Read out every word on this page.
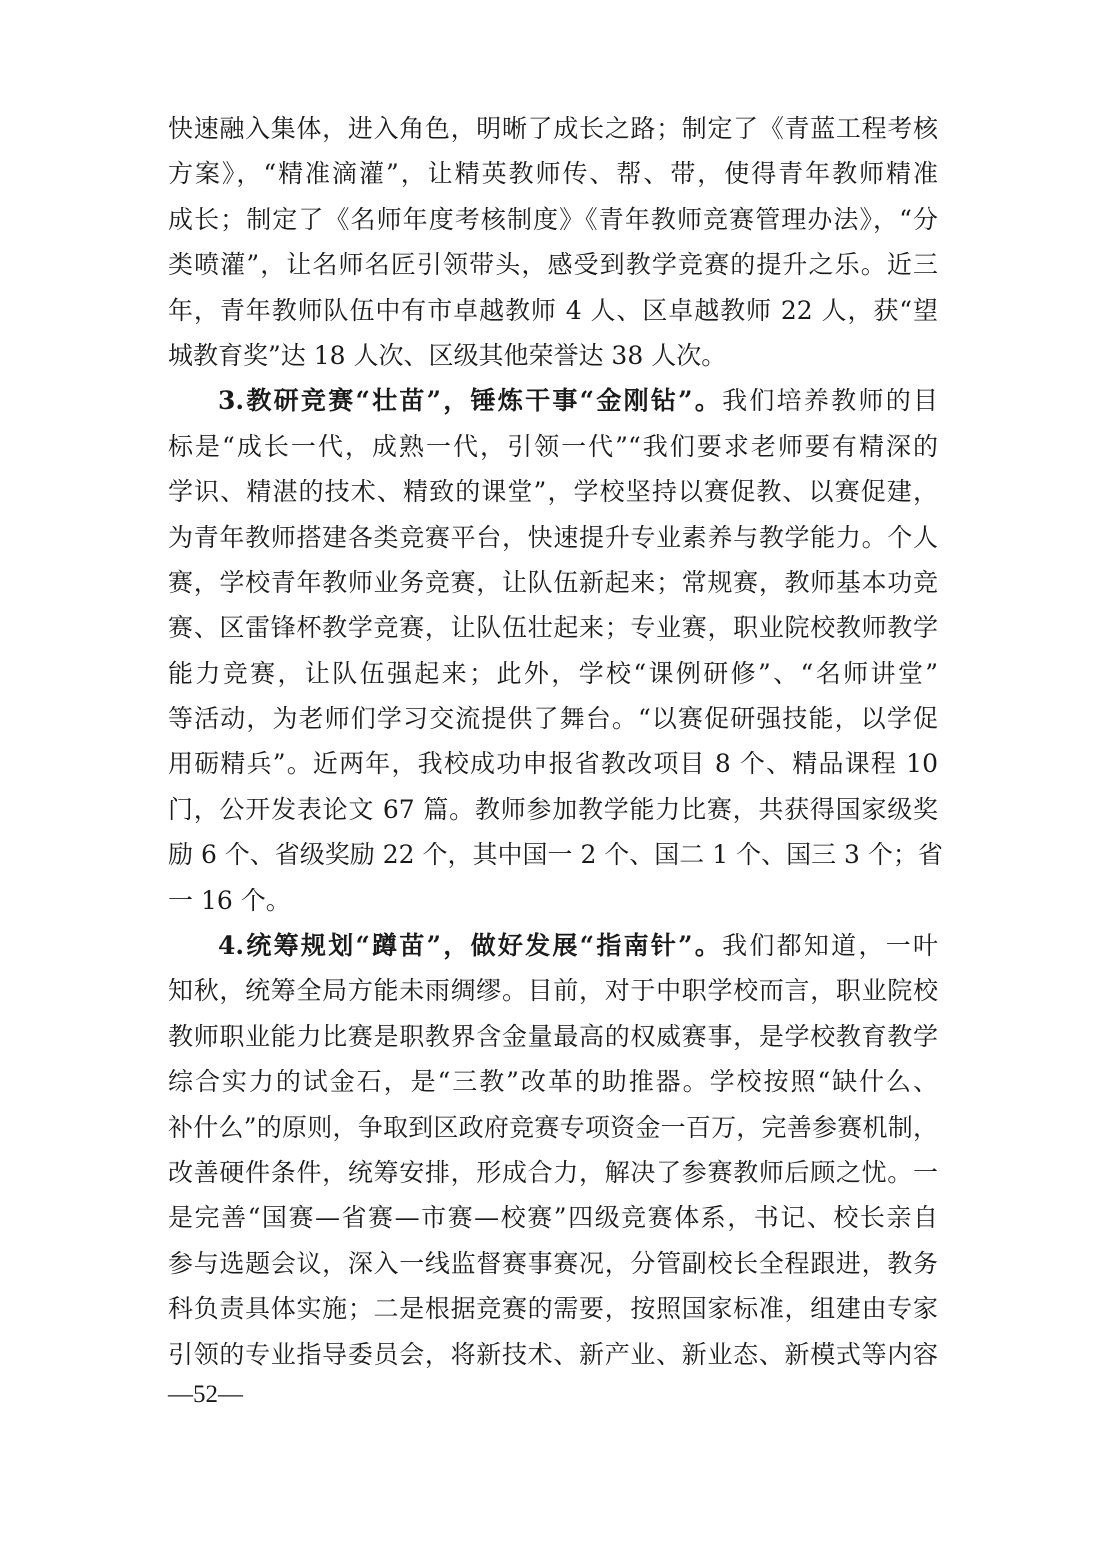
快速融入集体，进入角色，明晰了成长之路；制定了《青蓝工程考核
方案》，“精准滴灌”，让精英教师传、帮、带，使得青年教师精准
成长；制定了《名师年度考核制度》《青年教师竞赛管理办法》，“分
类喷灌”，让名师名匠引领带头，感受到教学竞赛的提升之乐。近三
年，青年教师队伍中有市卓越教师 4 人、区卓越教师 22 人，获“望
城教育奖”达 18 人次、区级其他荣誉达 38 人次。
3.教研竞赛“壮苗”，锤炼干事“金刚钻”。我们培养教师的目
标是“成长一代，成熟一代，引领一代”“我们要求老师要有精深的
学识、精湛的技术、精致的课堂”，学校坚持以赛促教、以赛促建，
为青年教师搭建各类竞赛平台，快速提升专业素养与教学能力。个人
赛，学校青年教师业务竞赛，让队伍新起来；常规赛，教师基本功竞
赛、区雷锋杯教学竞赛，让队伍壮起来；专业赛，职业院校教师教学
能力竞赛，让队伍强起来；此外，学校“课例研修”、“名师讲堂”
等活动，为老师们学习交流提供了舞台。“以赛促研强技能，以学促
用砺精兵”。近两年，我校成功申报省教改项目 8 个、精品课程 10
门，公开发表论文 67 篇。教师参加教学能力比赛，共获得国家级奖
励 6 个、省级奖励 22 个，其中国一 2 个、国二 1 个、国三 3 个；省
一 16 个。
4.统筹规划“蹲苗”，做好发展“指南针”。我们都知道，一叶
知秋，统筹全局方能未雨绸缪。目前，对于中职学校而言，职业院校
教师职业能力比赛是职教界含金量最高的权威赛事，是学校教育教学
综合实力的试金石，是“三教”改革的助推器。学校按照“缺什么、
补什么”的原则，争取到区政府竞赛专项资金一百万，完善参赛机制，
改善硬件条件，统筹安排，形成合力，解决了参赛教师后顾之忧。一
是完善“国赛—省赛—市赛—校赛”四级竞赛体系，书记、校长亲自
参与选题会议，深入一线监督赛事赛况，分管副校长全程跟进，教务
科负责具体实施；二是根据竞赛的需要，按照国家标准，组建由专家
引领的专业指导委员会，将新技术、新产业、新业态、新模式等内容
—52—
